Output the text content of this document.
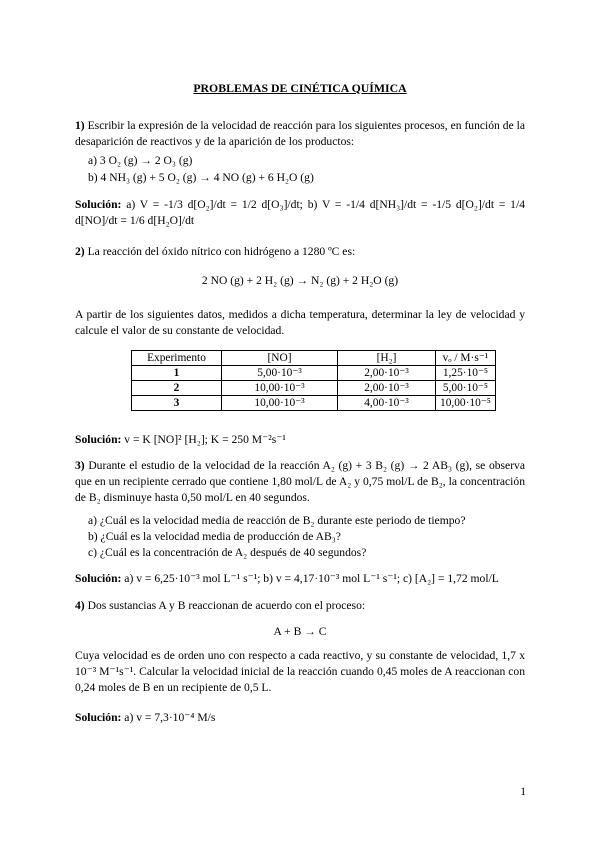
PROBLEMAS DE CINÉTICA QUÍMICA
1) Escribir la expresión de la velocidad de reacción para los siguientes procesos, en función de la desaparición de reactivos y de la aparición de los productos:
a) 3 O₂ (g) → 2 O₃ (g)
b) 4 NH₃ (g) + 5 O₂ (g) → 4 NO (g) + 6 H₂O (g)
Solución: a) V = -1/3 d[O₂]/dt = 1/2 d[O₃]/dt; b) V = -1/4 d[NH₃]/dt = -1/5 d[O₂]/dt = 1/4 d[NO]/dt = 1/6 d[H₂O]/dt
2) La reacción del óxido nítrico con hidrógeno a 1280 ºC es:
2 NO (g) + 2 H₂ (g) → N₂ (g) + 2 H₂O (g)
A partir de los siguientes datos, medidos a dicha temperatura, determinar la ley de velocidad y calcule el valor de su constante de velocidad.
Experimento	[NO]	[H₂]	vₒ / M·s⁻¹
1	5,00·10⁻³	2,00·10⁻³	1,25·10⁻⁵
2	10,00·10⁻³	2,00·10⁻³	5,00·10⁻⁵
3	10,00·10⁻³	4,00·10⁻³	10,00·10⁻⁵
Solución: v = K [NO]² [H₂]; K = 250 M⁻²s⁻¹
3) Durante el estudio de la velocidad de la reacción A₂ (g) + 3 B₂ (g) → 2 AB₃ (g), se observa que en un recipiente cerrado que contiene 1,80 mol/L de A₂ y 0,75 mol/L de B₂, la concentración de B₂ disminuye hasta 0,50 mol/L en 40 segundos.
a) ¿Cuál es la velocidad media de reacción de B₂ durante este periodo de tiempo?
b) ¿Cuál es la velocidad media de producción de AB₃?
c) ¿Cuál es la concentración de A₂ después de 40 segundos?
Solución: a) v = 6,25·10⁻³ mol L⁻¹ s⁻¹; b) v = 4,17·10⁻³ mol L⁻¹ s⁻¹; c) [A₂] = 1,72 mol/L
4) Dos sustancias A y B reaccionan de acuerdo con el proceso:
A + B → C
Cuya velocidad es de orden uno con respecto a cada reactivo, y su constante de velocidad, 1,7 x 10⁻³ M⁻¹s⁻¹. Calcular la velocidad inicial de la reacción cuando 0,45 moles de A reaccionan con 0,24 moles de B en un recipiente de 0,5 L.
Solución: a) v = 7,3·10⁻⁴ M/s
1
